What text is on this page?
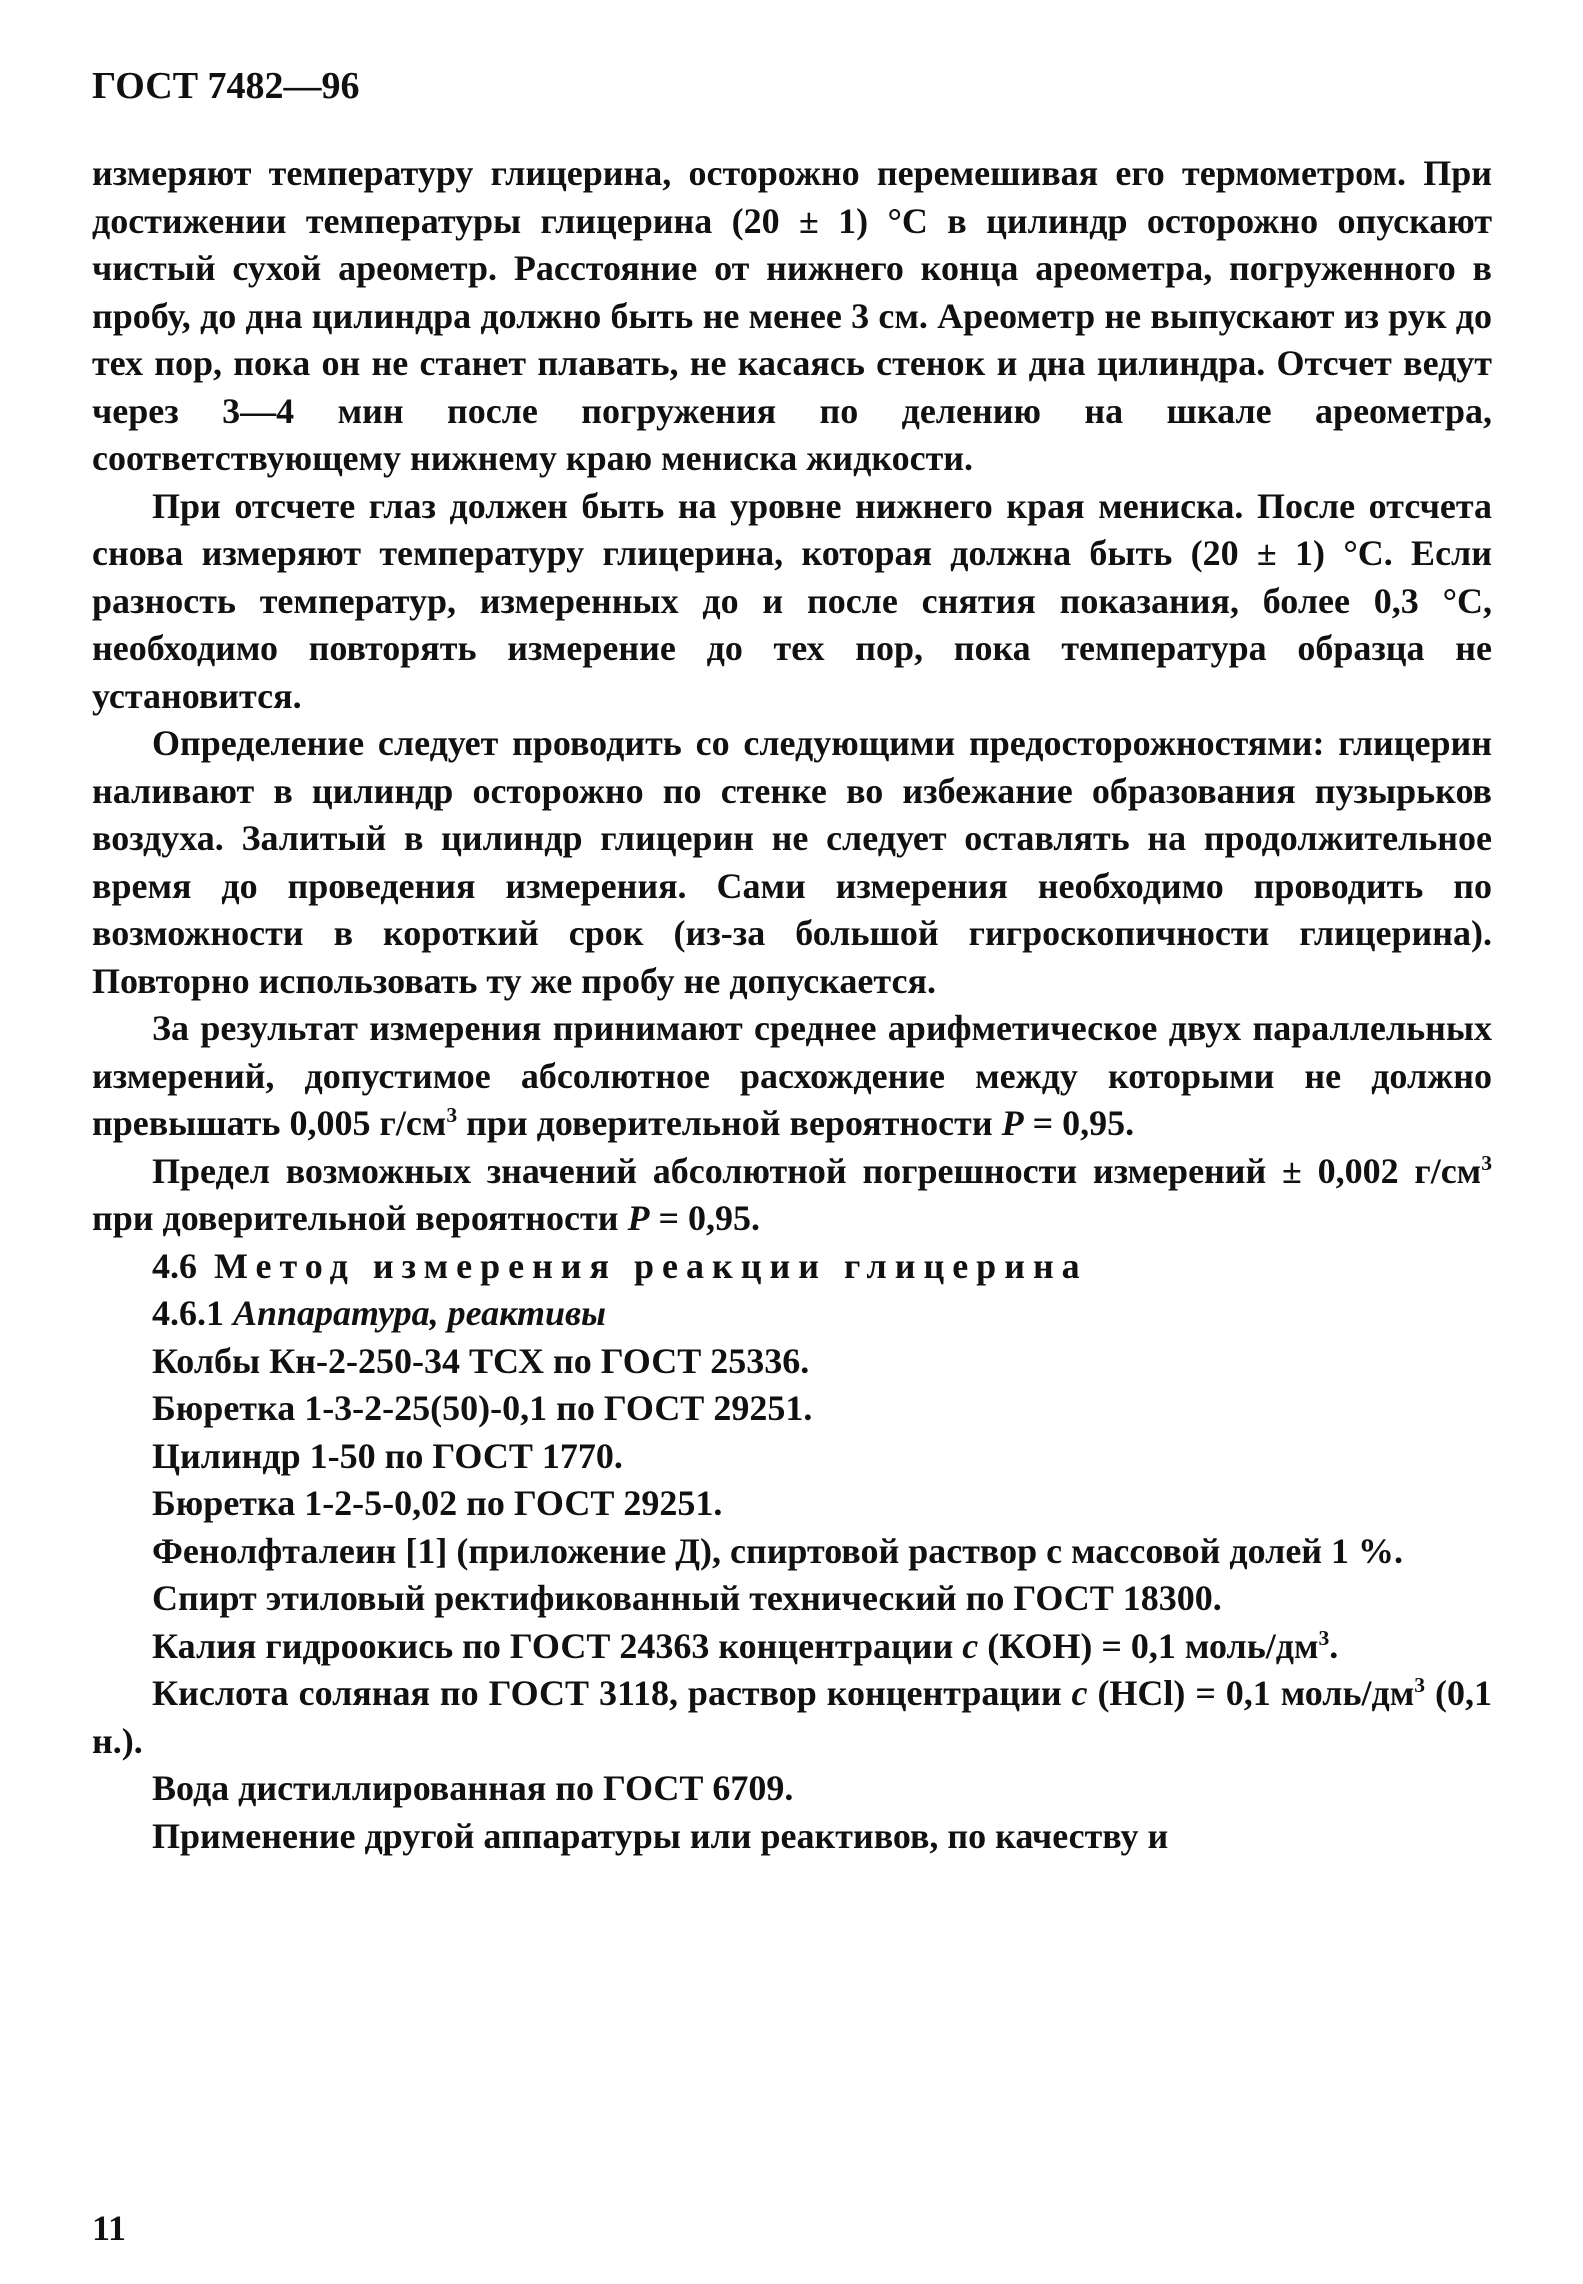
ГОСТ 7482—96

измеряют температуру глицерина, осторожно перемешивая его термометром. При достижении температуры глицерина (20 ± 1) °С в цилиндр осторожно опускают чистый сухой ареометр. Расстояние от нижнего конца ареометра, погруженного в пробу, до дна цилиндра должно быть не менее 3 см. Ареометр не выпускают из рук до тех пор, пока он не станет плавать, не касаясь стенок и дна цилиндра. Отсчет ведут через 3—4 мин после погружения по делению на шкале ареометра, соответствующему нижнему краю мениска жидкости.

При отсчете глаз должен быть на уровне нижнего края мениска. После отсчета снова измеряют температуру глицерина, которая должна быть (20 ± 1) °С. Если разность температур, измеренных до и после снятия показания, более 0,3 °С, необходимо повторять измерение до тех пор, пока температура образца не установится.

Определение следует проводить со следующими предосторожностями: глицерин наливают в цилиндр осторожно по стенке во избежание образования пузырьков воздуха. Залитый в цилиндр глицерин не следует оставлять на продолжительное время до проведения измерения. Сами измерения необходимо проводить по возможности в короткий срок (из-за большой гигроскопичности глицерина). Повторно использовать ту же пробу не допускается.

За результат измерения принимают среднее арифметическое двух параллельных измерений, допустимое абсолютное расхождение между которыми не должно превышать 0,005 $г/см^3$ при доверительной вероятности P = 0,95.

Предел возможных значений абсолютной погрешности измерений ± 0,002 $г/см^3$ при доверительной вероятности P = 0,95.

4.6 Метод измерения реакции глицерина
4.6.1 Аппаратура, реактивы
Колбы Кн-2-250-34 ТСХ по ГОСТ 25336.
Бюретка 1-3-2-25(50)-0,1 по ГОСТ 29251.
Цилиндр 1-50 по ГОСТ 1770.
Бюретка 1-2-5-0,02 по ГОСТ 29251.
Фенолфталеин [1] (приложение Д), спиртовой раствор с массовой долей 1 %.
Спирт этиловый ректификованный технический по ГОСТ 18300.
Калия гидроокись по ГОСТ 24363 концентрации с (КОН) = 0,1 моль/$дм^3$.
Кислота соляная по ГОСТ 3118, раствор концентрации с (НСl) = 0,1 моль/$дм^3$ (0,1 н.).
Вода дистиллированная по ГОСТ 6709.
Применение другой аппаратуры или реактивов, по качеству и
11
